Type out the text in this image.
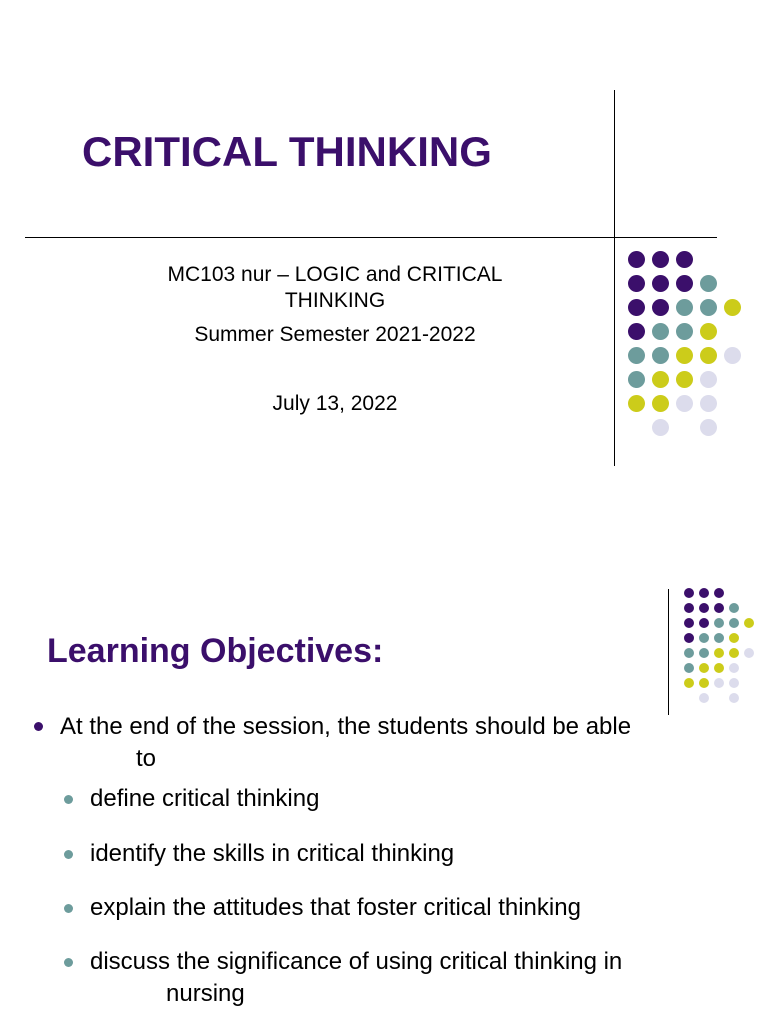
CRITICAL THINKING
MC103 nur – LOGIC and CRITICAL
THINKING
Summer Semester 2021-2022
July 13, 2022
Learning Objectives:
At the end of the session, the students should be able
to
define critical thinking
identify the skills in critical thinking
explain the attitudes that foster critical thinking
discuss the significance of using critical thinking in
nursing
